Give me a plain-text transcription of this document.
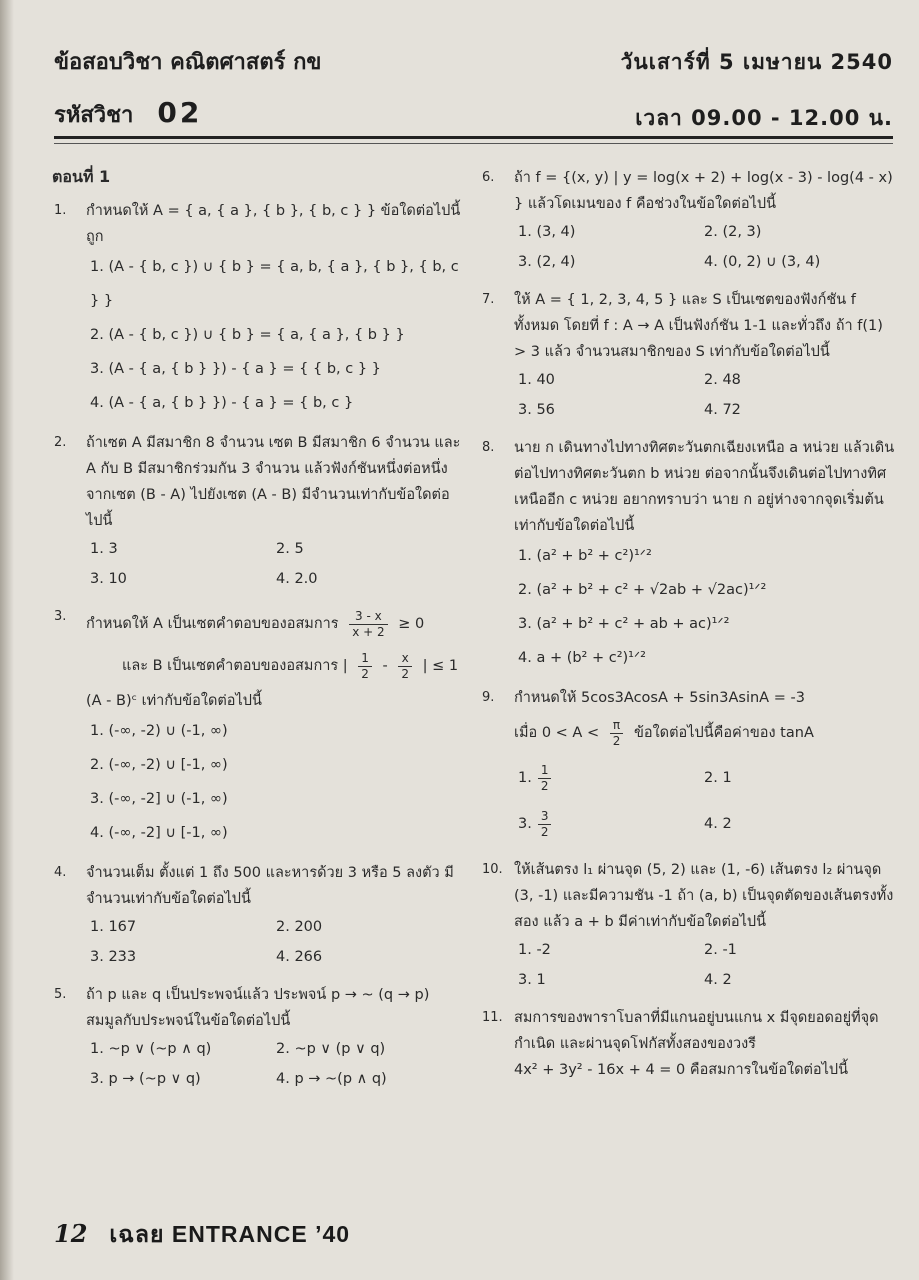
ข้อสอบวิชา คณิตศาสตร์ กข	วันเสาร์ที่ 5 เมษายน 2540
รหัสวิชา 02	เวลา 09.00 - 12.00 น.
ตอนที่ 1
1. กำหนดให้ A = { a, { a }, { b }, { b, c } } ข้อใดต่อไปนี้ถูก
1. (A - { b, c }) ∪ { b } = { a, b, { a }, { b }, { b, c } }
2. (A - { b, c }) ∪ { b } = { a, { a }, { b } }
3. (A - { a, { b } }) - { a } = { { b, c } }
4. (A - { a, { b } }) - { a } = { b, c }
2. ถ้าเซต A มีสมาชิก 8 จำนวน เซต B มีสมาชิก 6 จำนวน และ A กับ B มีสมาชิกร่วมกัน 3 จำนวน แล้วฟังก์ชันหนึ่งต่อหนึ่งจากเซต (B - A) ไปยังเซต (A - B) มีจำนวนเท่ากับข้อใดต่อไปนี้
1. 3	2. 5
3. 10	4. 2.0
3. กำหนดให้ A เป็นเซตคำตอบของอสมการ $\frac{3 - x}{x + 2} \ge 0$
และ B เป็นเซตคำตอบของอสมการ | $\frac{1}{2} - \frac{x}{2}$ | ≤ 1
(A - B)ᶜ เท่ากับข้อใดต่อไปนี้
1. (-∞, -2) ∪ (-1, ∞)
2. (-∞, -2) ∪ [-1, ∞)
3. (-∞, -2] ∪ (-1, ∞)
4. (-∞, -2] ∪ [-1, ∞)
4. จำนวนเต็ม ตั้งแต่ 1 ถึง 500 และหารด้วย 3 หรือ 5 ลงตัว มีจำนวนเท่ากับข้อใดต่อไปนี้
1. 167	2. 200
3. 233	4. 266
5. ถ้า p และ q เป็นประพจน์แล้ว ประพจน์ p → ~ (q → p) สมมูลกับประพจน์ในข้อใดต่อไปนี้
1. ~p ∨ (~p ∧ q)	2. ~p ∨ (p ∨ q)
3. p → (~p ∨ q)	4. p → ~(p ∧ q)
6. ถ้า f = {(x, y) | y = log(x + 2) + log(x - 3) - log(4 - x) } แล้วโดเมนของ f คือช่วงในข้อใดต่อไปนี้
1. (3, 4)	2. (2, 3)
3. (2, 4)	4. (0, 2) ∪ (3, 4)
7. ให้ A = { 1, 2, 3, 4, 5 } และ S เป็นเซตของฟังก์ชัน f ทั้งหมด โดยที่ f : A → A เป็นฟังก์ชัน 1-1 และทั่วถึง ถ้า f(1) > 3 แล้ว จำนวนสมาชิกของ S เท่ากับข้อใดต่อไปนี้
1. 40	2. 48
3. 56	4. 72
8. นาย ก เดินทางไปทางทิศตะวันตกเฉียงเหนือ a หน่วย แล้วเดินต่อไปทางทิศตะวันตก b หน่วย ต่อจากนั้นจึงเดินต่อไปทางทิศเหนืออีก c หน่วย อยากทราบว่า นาย ก อยู่ห่างจากจุดเริ่มต้นเท่ากับข้อใดต่อไปนี้
1. (a² + b² + c²)¹ᐟ²
2. (a² + b² + c² + √2ab + √2ac)¹ᐟ²
3. (a² + b² + c² + ab + ac)¹ᐟ²
4. a + (b² + c²)¹ᐟ²
9. กำหนดให้ 5cos3AcosA + 5sin3AsinA = -3
เมื่อ $0 < A < \frac{\pi}{2}$ ข้อใดต่อไปนี้คือค่าของ tanA
1. $\frac{1}{2}$	2. 1
3. $\frac{3}{2}$	4. 2
10. ให้เส้นตรง l₁ ผ่านจุด (5, 2) และ (1, -6) เส้นตรง l₂ ผ่านจุด (3, -1) และมีความชัน -1 ถ้า (a, b) เป็นจุดตัดของเส้นตรงทั้งสอง แล้ว a + b มีค่าเท่ากับข้อใดต่อไปนี้
1. -2	2. -1
3. 1	4. 2
11. สมการของพาราโบลาที่มีแกนอยู่บนแกน x มีจุดยอดอยู่ที่จุดกำเนิด และผ่านจุดโฟกัสทั้งสองของวงรี
4x² + 3y² - 16x + 4 = 0 คือสมการในข้อใดต่อไปนี้
12 เฉลย ENTRANCE ’40
